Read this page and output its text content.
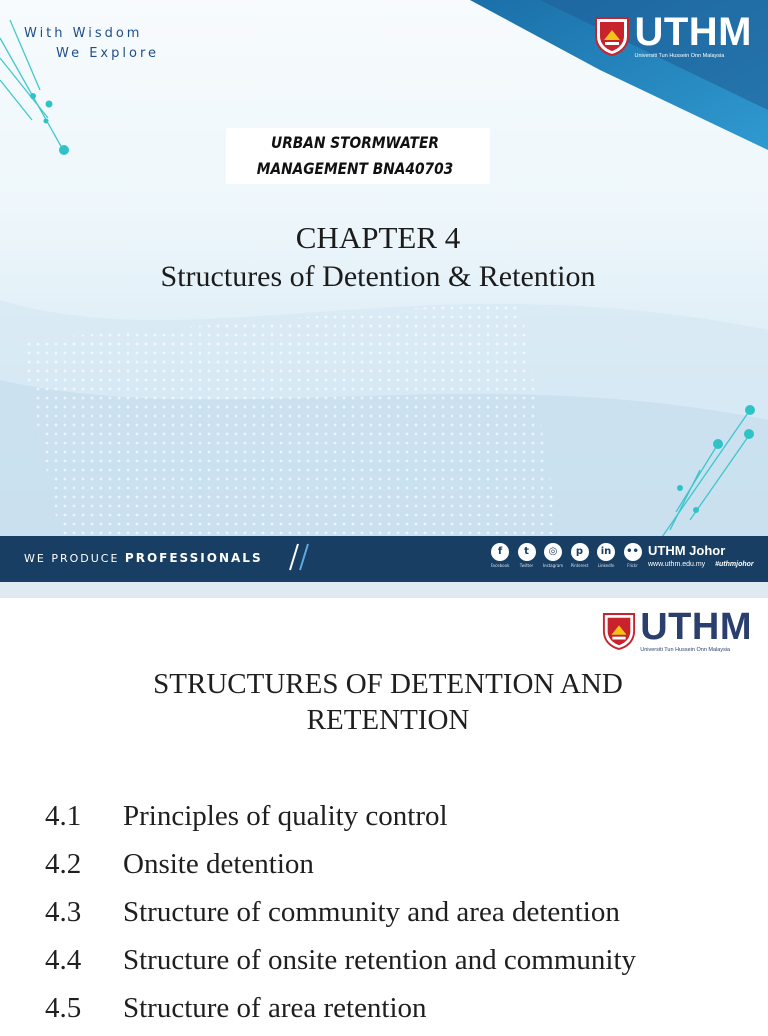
With Wisdom
We Explore	UTHM
Universiti Tun Hussein Onn Malaysia
URBAN STORMWATER
MANAGEMENT BNA40703
CHAPTER 4
Structures of Detention & Retention
WE PRODUCE PROFESSIONALS	f
Facebook
t
Twitter
◎
Instagram
p
Pinterest
in
LinkedIn
••
Flickr
UTHM Johor
www.uthm.edu.my #uthmjohor
UTHM
Universiti Tun Hussein Onn Malaysia
STRUCTURES OF DETENTION AND
RETENTION
4.1	Principles of quality control
4.2	Onsite detention
4.3	Structure of community and area detention
4.4	Structure of onsite retention and community
4.5	Structure of area retention
